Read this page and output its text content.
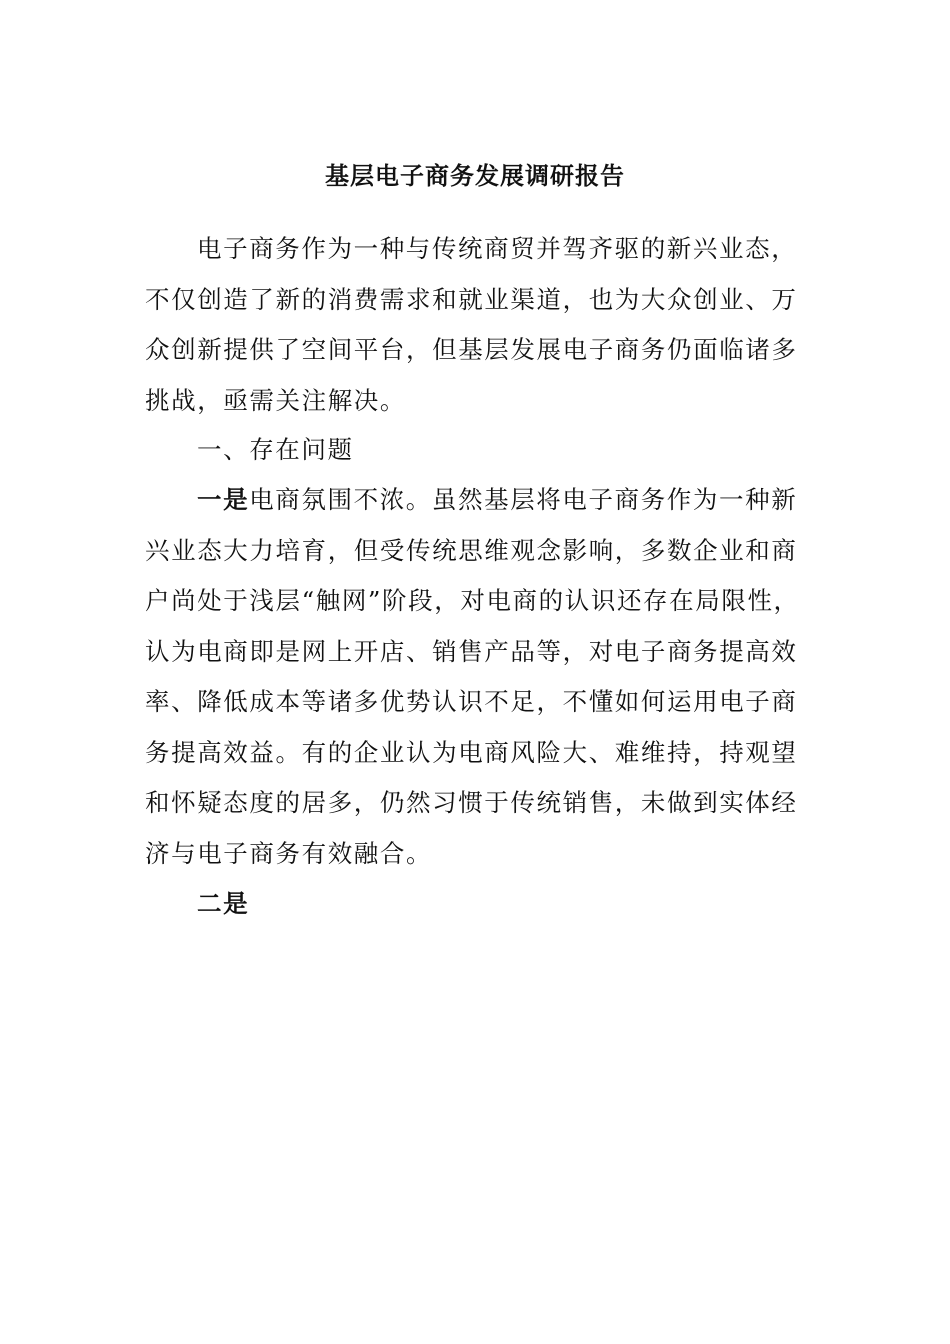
基层电子商务发展调研报告
电子商务作为一种与传统商贸并驾齐驱的新兴业态，
不仅创造了新的消费需求和就业渠道，也为大众创业、万
众创新提供了空间平台，但基层发展电子商务仍面临诸多
挑战，亟需关注解决。
一、存在问题
一是电商氛围不浓。虽然基层将电子商务作为一种新
兴业态大力培育，但受传统思维观念影响，多数企业和商
户尚处于浅层“触网”阶段，对电商的认识还存在局限性，
认为电商即是网上开店、销售产品等，对电子商务提高效
率、降低成本等诸多优势认识不足，不懂如何运用电子商
务提高效益。有的企业认为电商风险大、难维持，持观望
和怀疑态度的居多，仍然习惯于传统销售，未做到实体经
济与电子商务有效融合。
二是
